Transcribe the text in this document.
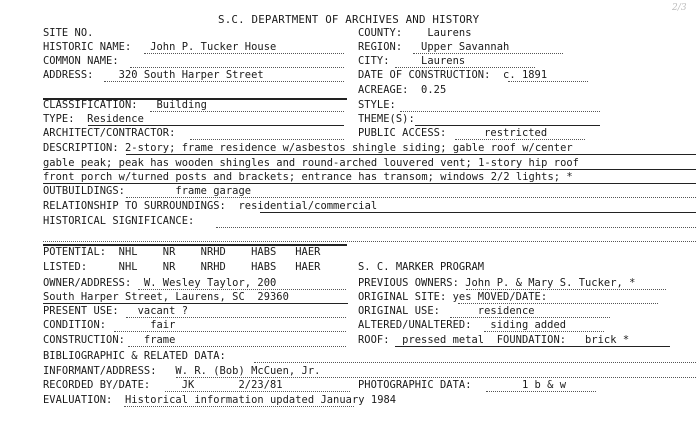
2/3
S.C. DEPARTMENT OF ARCHIVES AND HISTORY
SITE NO.
HISTORIC NAME:   John P. Tucker House
COMMON NAME:
ADDRESS:    320 South Harper Street
COUNTY:    Laurens
REGION:   Upper Savannah
CITY:     Laurens
DATE OF CONSTRUCTION:  c. 1891
ACREAGE:  0.25
CLASSIFICATION:   Building
TYPE:  Residence
ARCHITECT/CONTRACTOR:
STYLE:
THEME(S):
PUBLIC ACCESS:      restricted
DESCRIPTION: 2-story; frame residence w/asbestos shingle siding; gable roof w/center
gable peak; peak has wooden shingles and round-arched louvered vent; 1-story hip roof
front porch w/turned posts and brackets; entrance has transom; windows 2/2 lights; *
OUTBUILDINGS:        frame garage
RELATIONSHIP TO SURROUNDINGS:  residential/commercial
HISTORICAL SIGNIFICANCE:
POTENTIAL:  NHL    NR    NRHD    HABS   HAER
LISTED:     NHL    NR    NRHD    HABS   HAER	S. C. MARKER PROGRAM
OWNER/ADDRESS:  W. Wesley Taylor, 200
South Harper Street, Laurens, SC  29360
PRESENT USE:   vacant ?
CONDITION:       fair
CONSTRUCTION:   frame
PREVIOUS OWNERS: John P. & Mary S. Tucker, *
ORIGINAL SITE: yes MOVED/DATE:
ORIGINAL USE:      residence
ALTERED/UNALTERED:   siding added
ROOF:  pressed metal  FOUNDATION:   brick *
BIBLIOGRAPHIC & RELATED DATA:
INFORMANT/ADDRESS:   W. R. (Bob) McCuen, Jr.
RECORDED BY/DATE:     JK       2/23/81	PHOTOGRAPHIC DATA:        1 b & w
EVALUATION:  Historical information updated January 1984
